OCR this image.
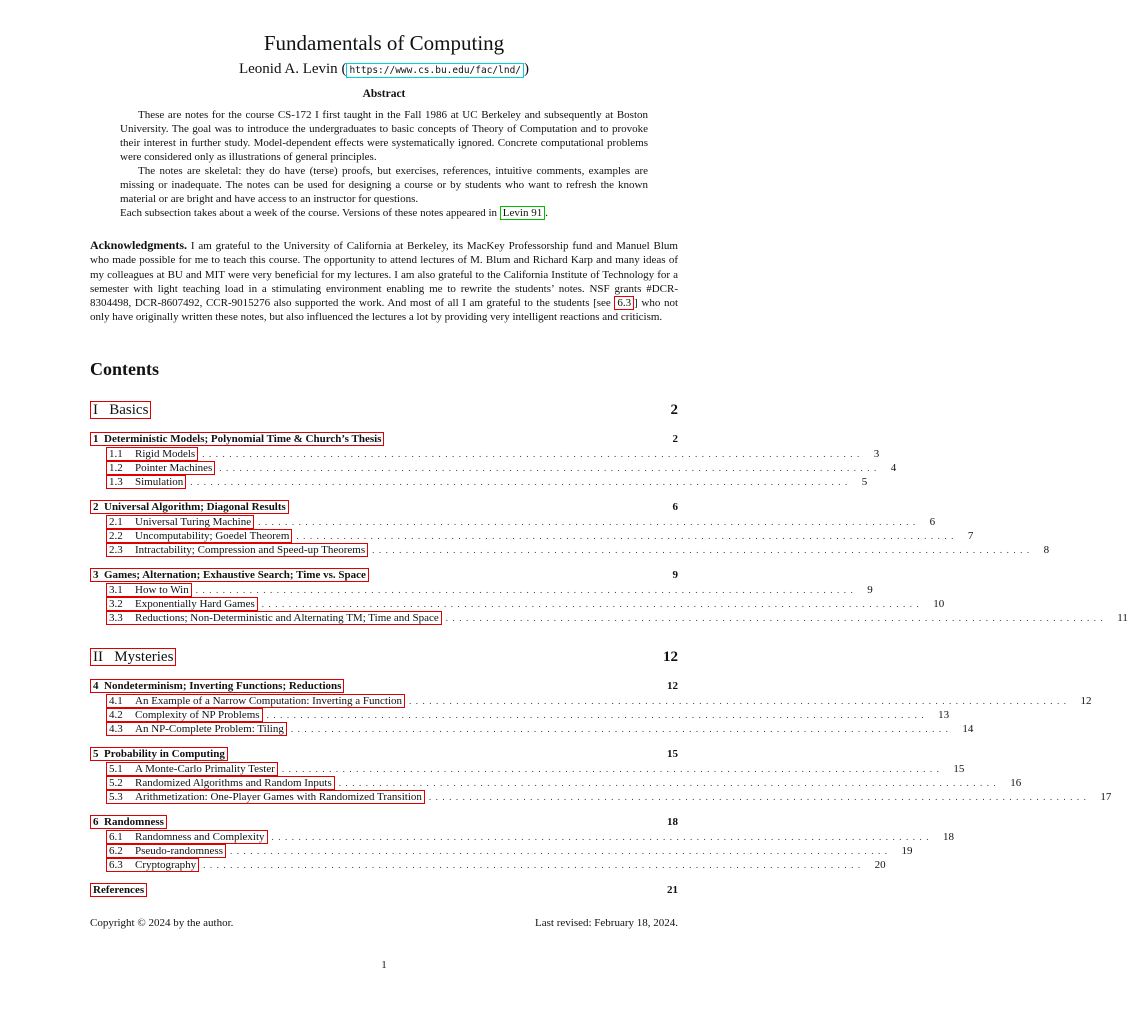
Fundamentals of Computing
Leonid A. Levin ( https://www.cs.bu.edu/fac/lnd/ )
Abstract

These are notes for the course CS-172 I first taught in the Fall 1986 at UC Berkeley and subsequently at Boston University. The goal was to introduce the undergraduates to basic concepts of Theory of Computation and to provoke their interest in further study. Model-dependent effects were systematically ignored. Concrete computational problems were considered only as illustrations of general principles.

The notes are skeletal: they do have (terse) proofs, but exercises, references, intuitive comments, examples are missing or inadequate. The notes can be used for designing a course or by students who want to refresh the known material or are bright and have access to an instructor for questions.

Each subsection takes about a week of the course. Versions of these notes appeared in Levin 91 .

Acknowledgments. I am grateful to the University of California at Berkeley, its MacKey Professorship fund and Manuel Blum who made possible for me to teach this course. The opportunity to attend lectures of M. Blum and Richard Karp and many ideas of my colleagues at BU and MIT were very beneficial for my lectures. I am also grateful to the California Institute of Technology for a semester with light teaching load in a stimulating environment enabling me to rewrite the students’ notes. NSF grants #DCR-8304498, DCR-8607492, CCR-9015276 also supported the work. And most of all I am grateful to the students [see 6.3 ] who not only have originally written these notes, but also influenced the lectures a lot by providing very intelligent reactions and criticism.
Contents
I Basics	2
1 Deterministic Models; Polynomial Time & Church’s Thesis	2
1.1 Rigid Models .................................................................................................. 3
1.2 Pointer Machines .................................................................................................. 4
1.3 Simulation .................................................................................................. 5
2 Universal Algorithm; Diagonal Results	6
2.1 Universal Turing Machine .................................................................................................. 6
2.2 Uncomputability; Goedel Theorem .................................................................................................. 7
2.3 Intractability; Compression and Speed-up Theorems .................................................................................................. 8
3 Games; Alternation; Exhaustive Search; Time vs. Space	9
3.1 How to Win .................................................................................................. 9
3.2 Exponentially Hard Games .................................................................................................. 10
3.3 Reductions; Non-Deterministic and Alternating TM; Time and Space .................................................................................................. 11
II Mysteries	12
4 Nondeterminism; Inverting Functions; Reductions	12
4.1 An Example of a Narrow Computation: Inverting a Function .................................................................................................. 12
4.2 Complexity of NP Problems .................................................................................................. 13
4.3 An NP-Complete Problem: Tiling .................................................................................................. 14
5 Probability in Computing	15
5.1 A Monte-Carlo Primality Tester .................................................................................................. 15
5.2 Randomized Algorithms and Random Inputs .................................................................................................. 16
5.3 Arithmetization: One-Player Games with Randomized Transition .................................................................................................. 17
6 Randomness	18
6.1 Randomness and Complexity .................................................................................................. 18
6.2 Pseudo-randomness .................................................................................................. 19
6.3 Cryptography .................................................................................................. 20
References	21
Copyright © 2024 by the author.	Last revised: February 18, 2024.
1
